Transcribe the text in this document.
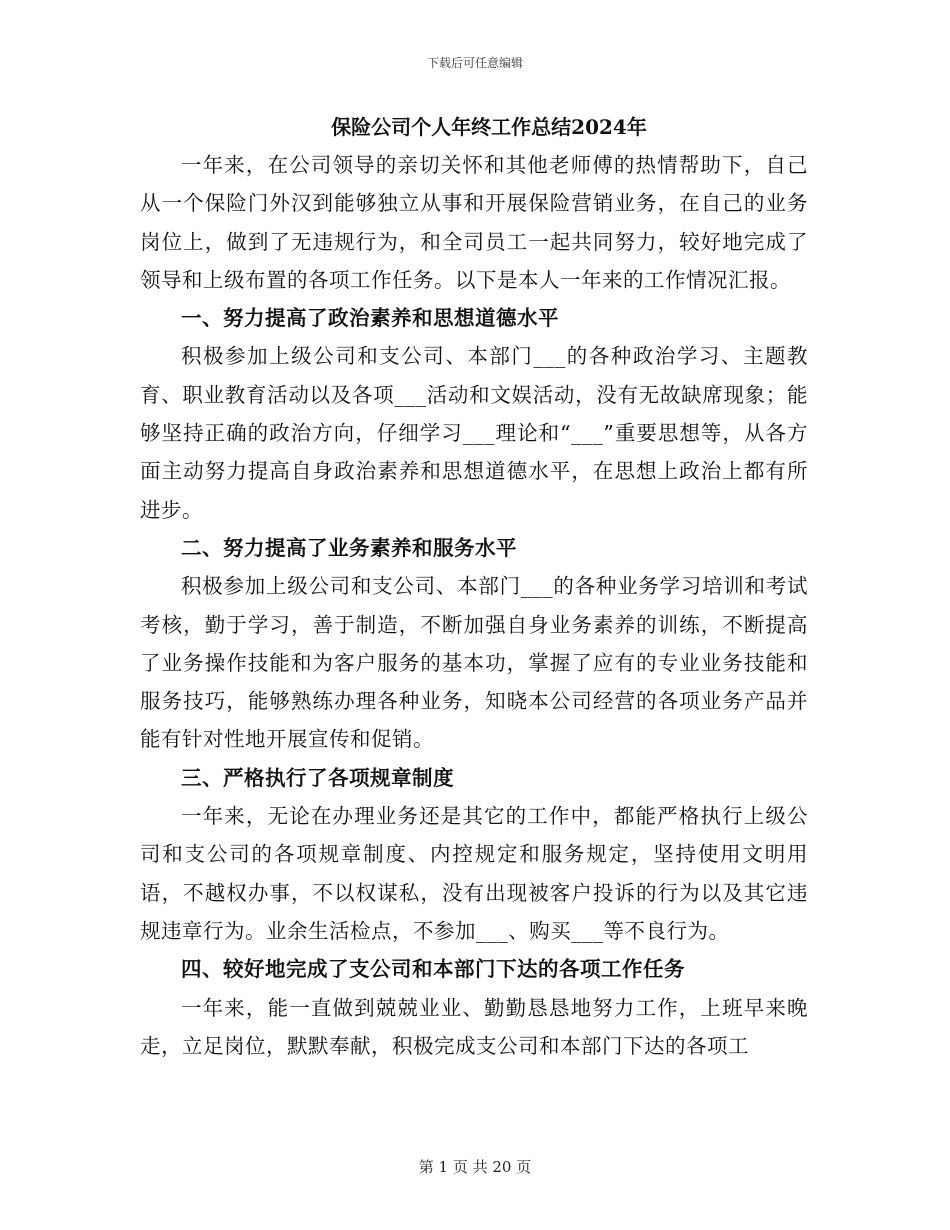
下载后可任意编辑
保险公司个人年终工作总结2024年

一年来，在公司领导的亲切关怀和其他老师傅的热情帮助下，自己从一个保险门外汉到能够独立从事和开展保险营销业务，在自己的业务岗位上，做到了无违规行为，和全司员工一起共同努力，较好地完成了领导和上级布置的各项工作任务。以下是本人一年来的工作情况汇报。

一、努力提高了政治素养和思想道德水平

积极参加上级公司和支公司、本部门___的各种政治学习、主题教育、职业教育活动以及各项___活动和文娱活动，没有无故缺席现象；能够坚持正确的政治方向，仔细学习___理论和“___”重要思想等，从各方面主动努力提高自身政治素养和思想道德水平，在思想上政治上都有所进步。

二、努力提高了业务素养和服务水平

积极参加上级公司和支公司、本部门___的各种业务学习培训和考试考核，勤于学习，善于制造，不断加强自身业务素养的训练，不断提高了业务操作技能和为客户服务的基本功，掌握了应有的专业业务技能和服务技巧，能够熟练办理各种业务，知晓本公司经营的各项业务产品并能有针对性地开展宣传和促销。

三、严格执行了各项规章制度

一年来，无论在办理业务还是其它的工作中，都能严格执行上级公司和支公司的各项规章制度、内控规定和服务规定，坚持使用文明用语，不越权办事，不以权谋私，没有出现被客户投诉的行为以及其它违规违章行为。业余生活检点，不参加___、购买___等不良行为。

四、较好地完成了支公司和本部门下达的各项工作任务

一年来，能一直做到兢兢业业、勤勤恳恳地努力工作，上班早来晚走，立足岗位，默默奉献，积极完成支公司和本部门下达的各项工

第 1 页 共 20 页
